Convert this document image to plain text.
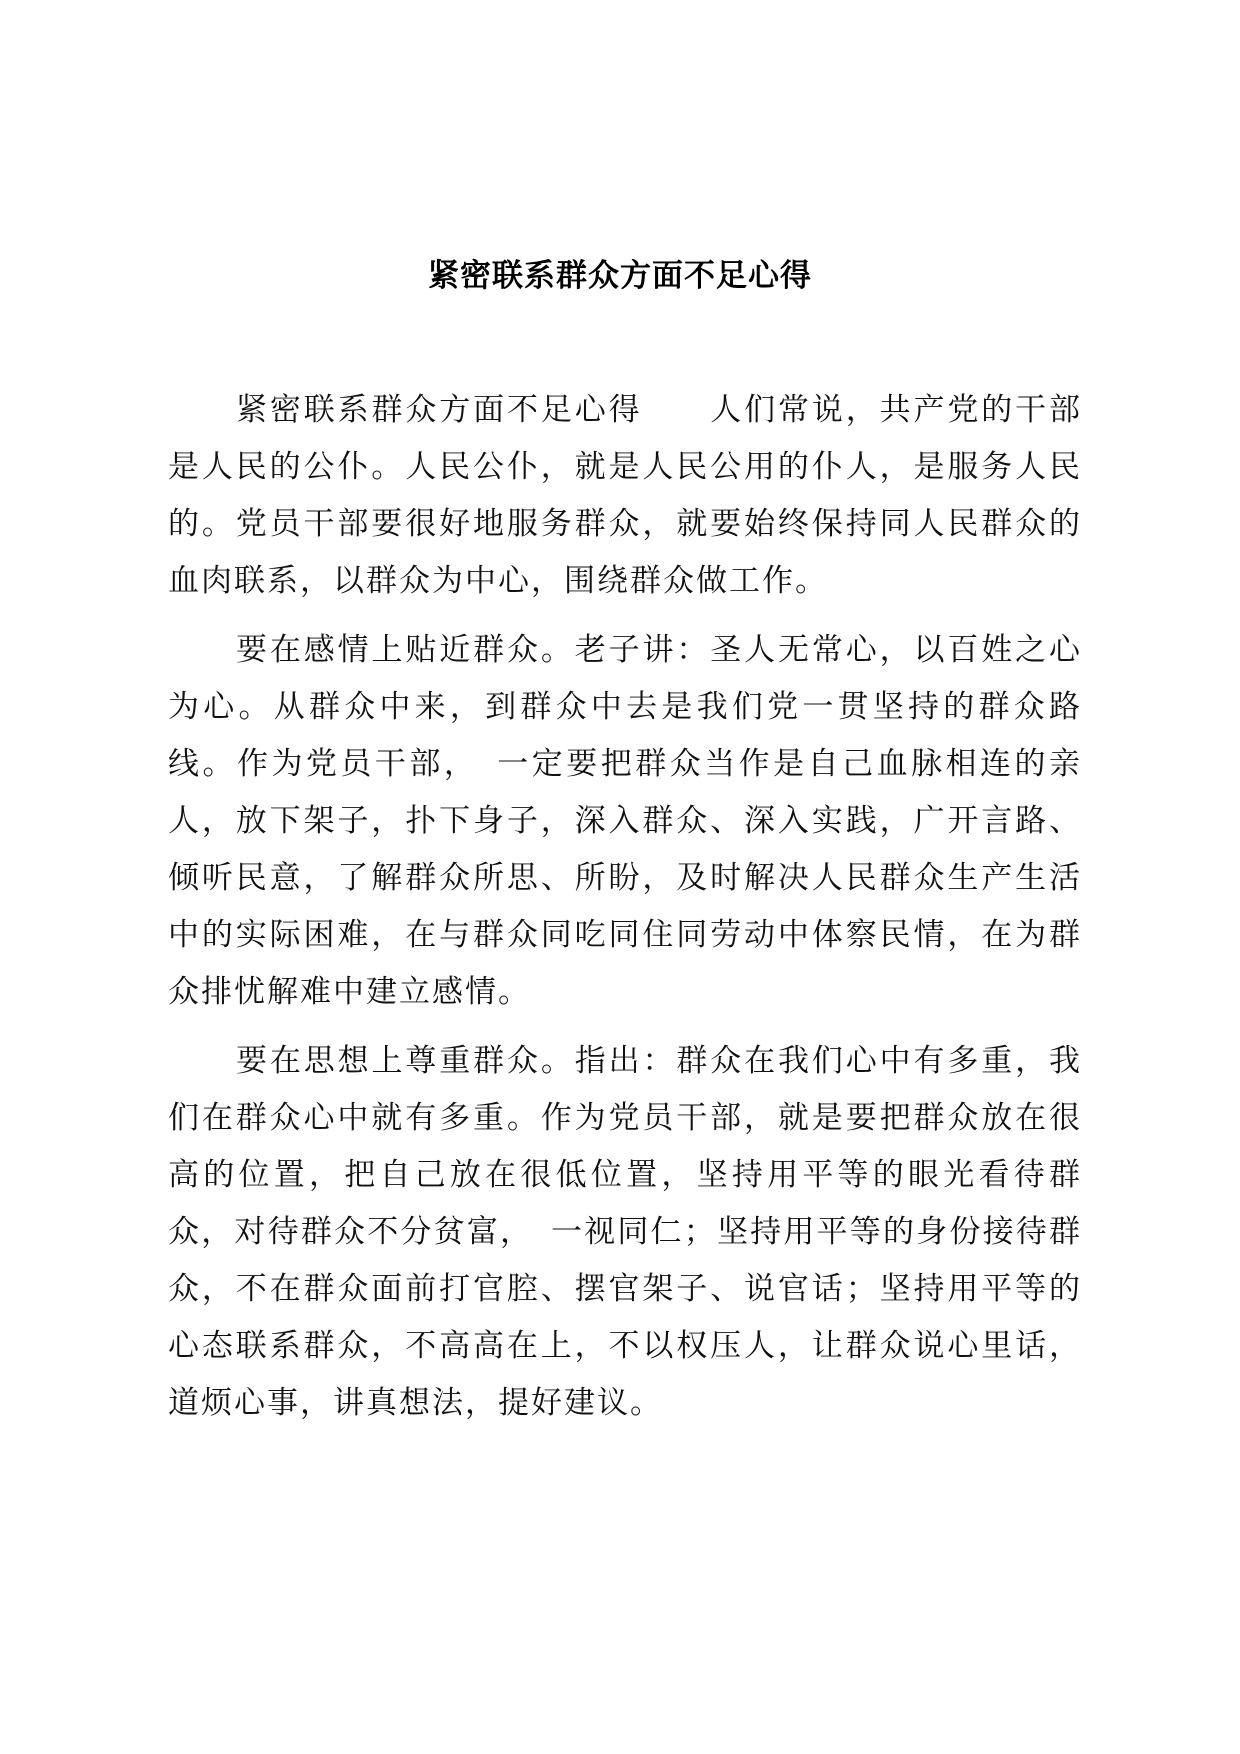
紧密联系群众方面不足心得

紧密联系群众方面不足心得　　人们常说，共产党的干部是人民的公仆。人民公仆，就是人民公用的仆人，是服务人民的。党员干部要很好地服务群众，就要始终保持同人民群众的血肉联系，以群众为中心，围绕群众做工作。

要在感情上贴近群众。老子讲：圣人无常心，以百姓之心为心。从群众中来，到群众中去是我们党一贯坚持的群众路线。作为党员干部，　一定要把群众当作是自己血脉相连的亲人，放下架子，扑下身子，深入群众、深入实践，广开言路、倾听民意，了解群众所思、所盼，及时解决人民群众生产生活中的实际困难，在与群众同吃同住同劳动中体察民情，在为群众排忧解难中建立感情。

要在思想上尊重群众。指出：群众在我们心中有多重，我们在群众心中就有多重。作为党员干部，就是要把群众放在很高的位置，把自己放在很低位置，坚持用平等的眼光看待群众，对待群众不分贫富，　一视同仁；坚持用平等的身份接待群众，不在群众面前打官腔、摆官架子、说官话；坚持用平等的心态联系群众，不高高在上，不以权压人，让群众说心里话，道烦心事，讲真想法，提好建议。
